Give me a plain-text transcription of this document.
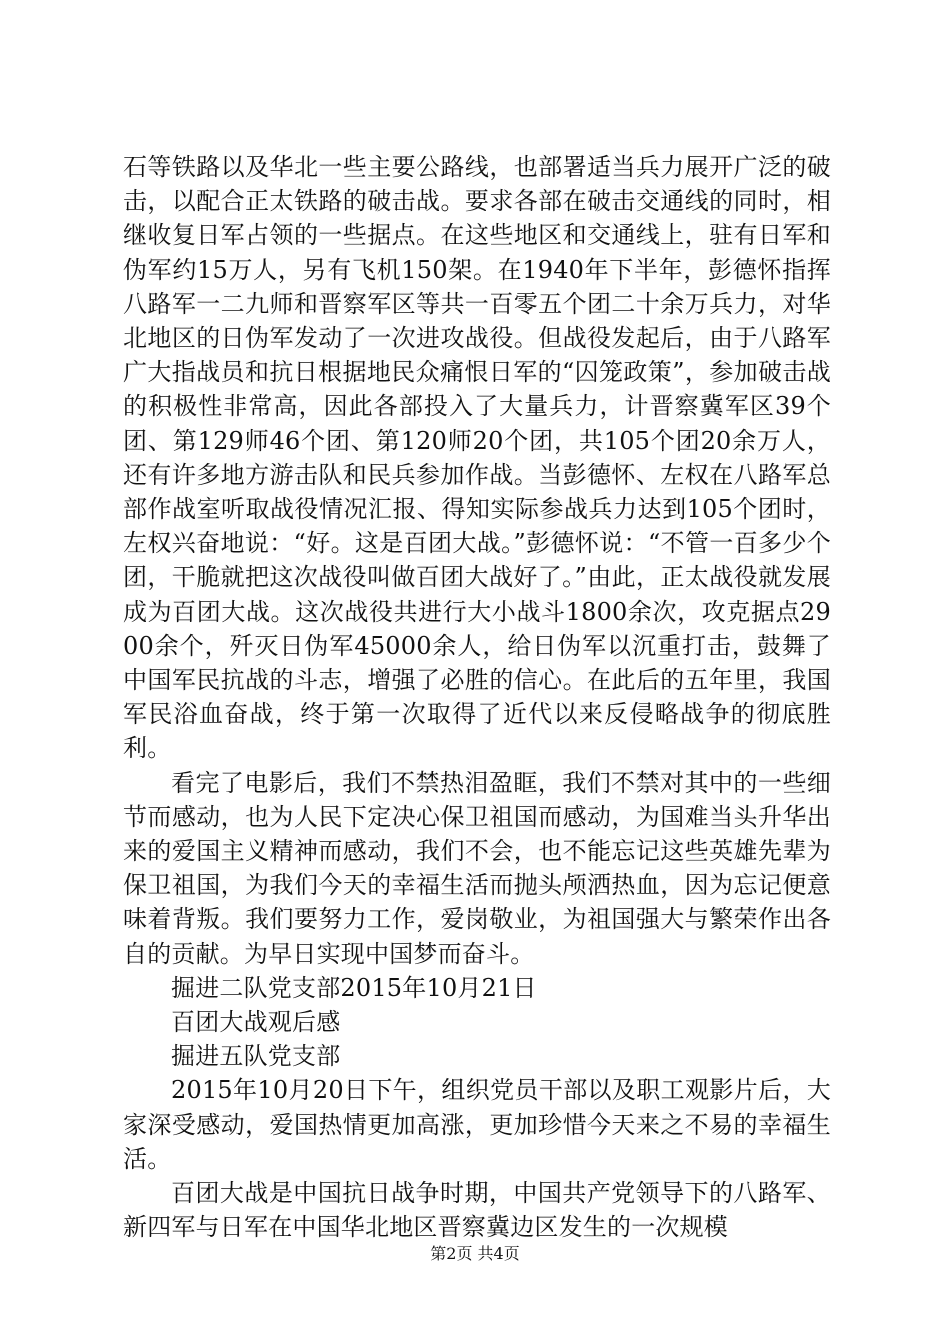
石等铁路以及华北一些主要公路线，也部署适当兵力展开广泛的破击，以配合正太铁路的破击战。要求各部在破击交通线的同时，相继收复日军占领的一些据点。在这些地区和交通线上，驻有日军和伪军约15万人，另有飞机150架。在1940年下半年，彭德怀指挥八路军一二九师和晋察军区等共一百零五个团二十余万兵力，对华北地区的日伪军发动了一次进攻战役。但战役发起后，由于八路军广大指战员和抗日根据地民众痛恨日军的“囚笼政策”，参加破击战的积极性非常高，因此各部投入了大量兵力，计晋察冀军区39个团、第129师46个团、第120师20个团，共105个团20余万人，还有许多地方游击队和民兵参加作战。当彭德怀、左权在八路军总部作战室听取战役情况汇报、得知实际参战兵力达到105个团时，左权兴奋地说：“好。这是百团大战。”彭德怀说：“不管一百多少个团，干脆就把这次战役叫做百团大战好了。”由此，正太战役就发展成为百团大战。这次战役共进行大小战斗1800余次，攻克据点2900余个，歼灭日伪军45000余人，给日伪军以沉重打击，鼓舞了中国军民抗战的斗志，增强了必胜的信心。在此后的五年里，我国军民浴血奋战，终于第一次取得了近代以来反侵略战争的彻底胜利。

看完了电影后，我们不禁热泪盈眶，我们不禁对其中的一些细节而感动，也为人民下定决心保卫祖国而感动，为国难当头升华出来的爱国主义精神而感动，我们不会，也不能忘记这些英雄先辈为保卫祖国，为我们今天的幸福生活而抛头颅洒热血，因为忘记便意味着背叛。我们要努力工作，爱岗敬业，为祖国强大与繁荣作出各自的贡献。为早日实现中国梦而奋斗。

掘进二队党支部2015年10月21日

百团大战观后感

掘进五队党支部

2015年10月20日下午，组织党员干部以及职工观影片后，大家深受感动，爱国热情更加高涨，更加珍惜今天来之不易的幸福生活。

百团大战是中国抗日战争时期，中国共产党领导下的八路军、新四军与日军在中国华北地区晋察冀边区发生的一次规模

第2页 共4页
